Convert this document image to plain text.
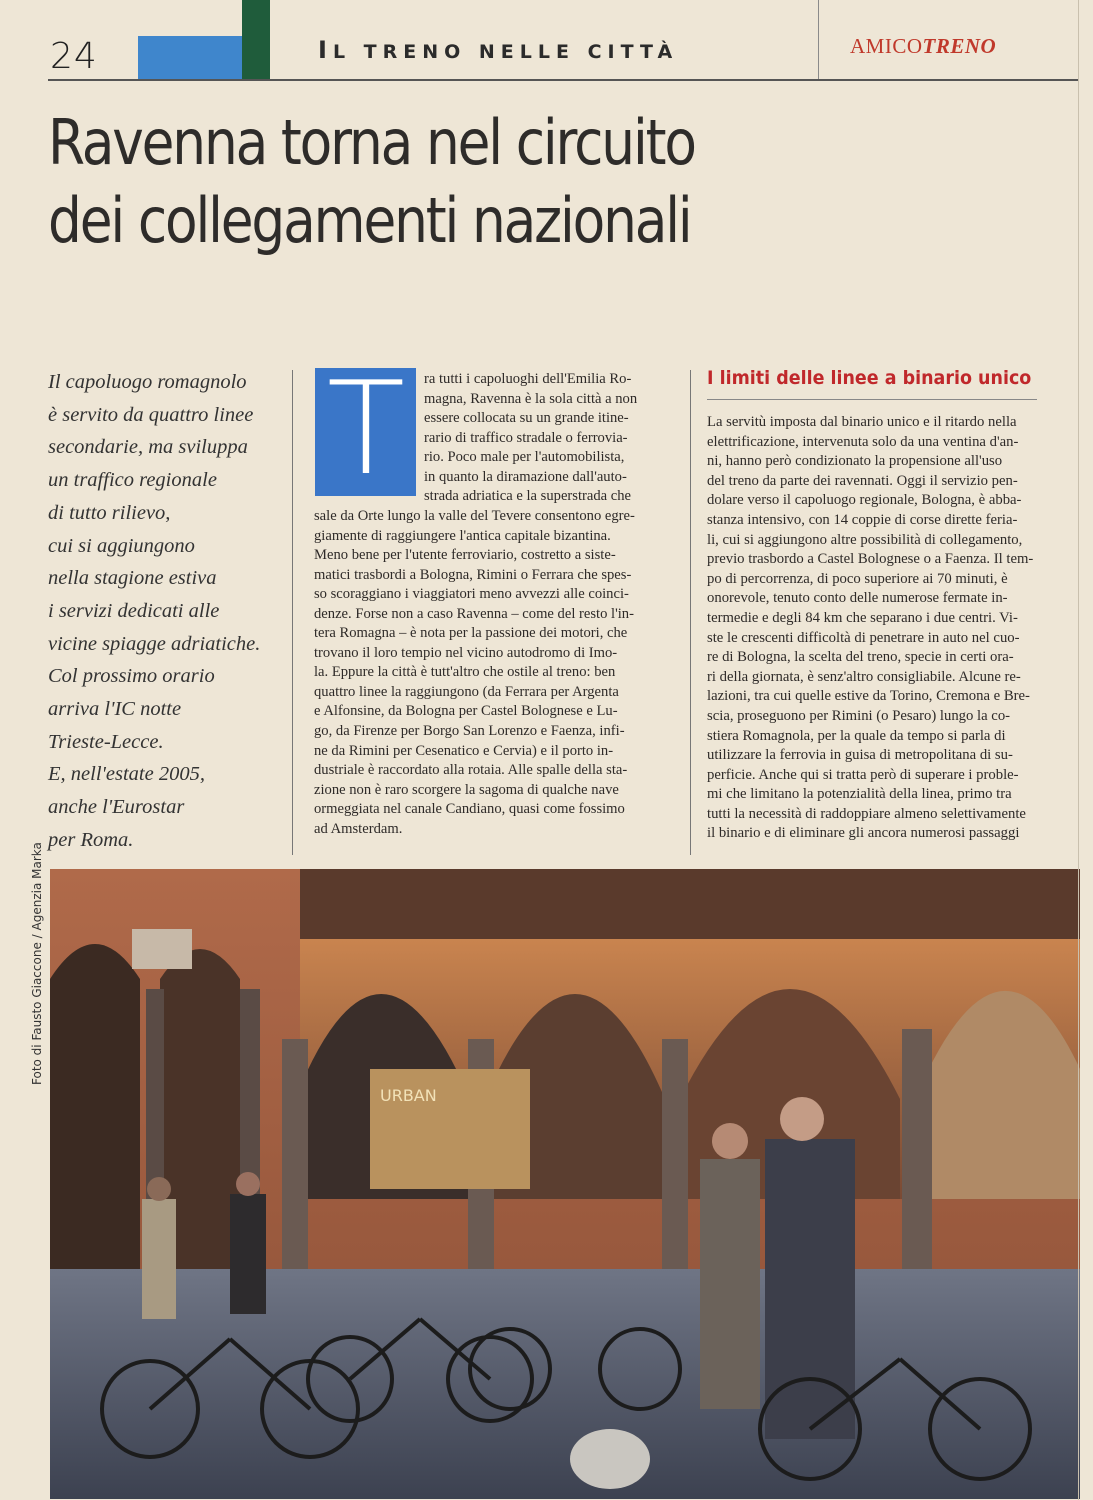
24	IL TRENO NELLE CITTÀ	AMICOTRENO
Ravenna torna nel circuito
dei collegamenti nazionali
Il capoluogo romagnolo
è servito da quattro linee
secondarie, ma sviluppa
un traffico regionale
di tutto rilievo,
cui si aggiungono
nella stagione estiva
i servizi dedicati alle
vicine spiagge adriatiche.
Col prossimo orario
arriva l'IC notte
Trieste-Lecce.
E, nell'estate 2005,
anche l'Eurostar
per Roma.
T ra tutti i capoluoghi dell'Emilia Ro-
magna, Ravenna è la sola città a non
essere collocata su un grande itine-
rario di traffico stradale o ferrovia-
rio. Poco male per l'automobilista,
in quanto la diramazione dall'auto-
strada adriatica e la superstrada che
sale da Orte lungo la valle del Tevere consentono egre-
giamente di raggiungere l'antica capitale bizantina.
Meno bene per l'utente ferroviario, costretto a siste-
matici trasbordi a Bologna, Rimini o Ferrara che spes-
so scoraggiano i viaggiatori meno avvezzi alle coinci-
denze. Forse non a caso Ravenna – come del resto l'in-
tera Romagna – è nota per la passione dei motori, che
trovano il loro tempio nel vicino autodromo di Imo-
la. Eppure la città è tutt'altro che ostile al treno: ben
quattro linee la raggiungono (da Ferrara per Argenta
e Alfonsine, da Bologna per Castel Bolognese e Lu-
go, da Firenze per Borgo San Lorenzo e Faenza, infi-
ne da Rimini per Cesenatico e Cervia) e il porto in-
dustriale è raccordato alla rotaia. Alle spalle della sta-
zione non è raro scorgere la sagoma di qualche nave
ormeggiata nel canale Candiano, quasi come fossimo
ad Amsterdam.
I limiti delle linee a binario unico
La servitù imposta dal binario unico e il ritardo nella
elettrificazione, intervenuta solo da una ventina d'an-
ni, hanno però condizionato la propensione all'uso
del treno da parte dei ravennati. Oggi il servizio pen-
dolare verso il capoluogo regionale, Bologna, è abba-
stanza intensivo, con 14 coppie di corse dirette feria-
li, cui si aggiungono altre possibilità di collegamento,
previo trasbordo a Castel Bolognese o a Faenza. Il tem-
po di percorrenza, di poco superiore ai 70 minuti, è
onorevole, tenuto conto delle numerose fermate in-
termedie e degli 84 km che separano i due centri. Vi-
ste le crescenti difficoltà di penetrare in auto nel cuo-
re di Bologna, la scelta del treno, specie in certi ora-
ri della giornata, è senz'altro consigliabile. Alcune re-
lazioni, tra cui quelle estive da Torino, Cremona e Bre-
scia, proseguono per Rimini (o Pesaro) lungo la co-
stiera Romagnola, per la quale da tempo si parla di
utilizzare la ferrovia in guisa di metropolitana di su-
perficie. Anche qui si tratta però di superare i proble-
mi che limitano la potenzialità della linea, primo tra
tutti la necessità di raddoppiare almeno selettivamente
il binario e di eliminare gli ancora numerosi passaggi
Foto di Fausto Giaccone / Agenzia Marka
URBAN
